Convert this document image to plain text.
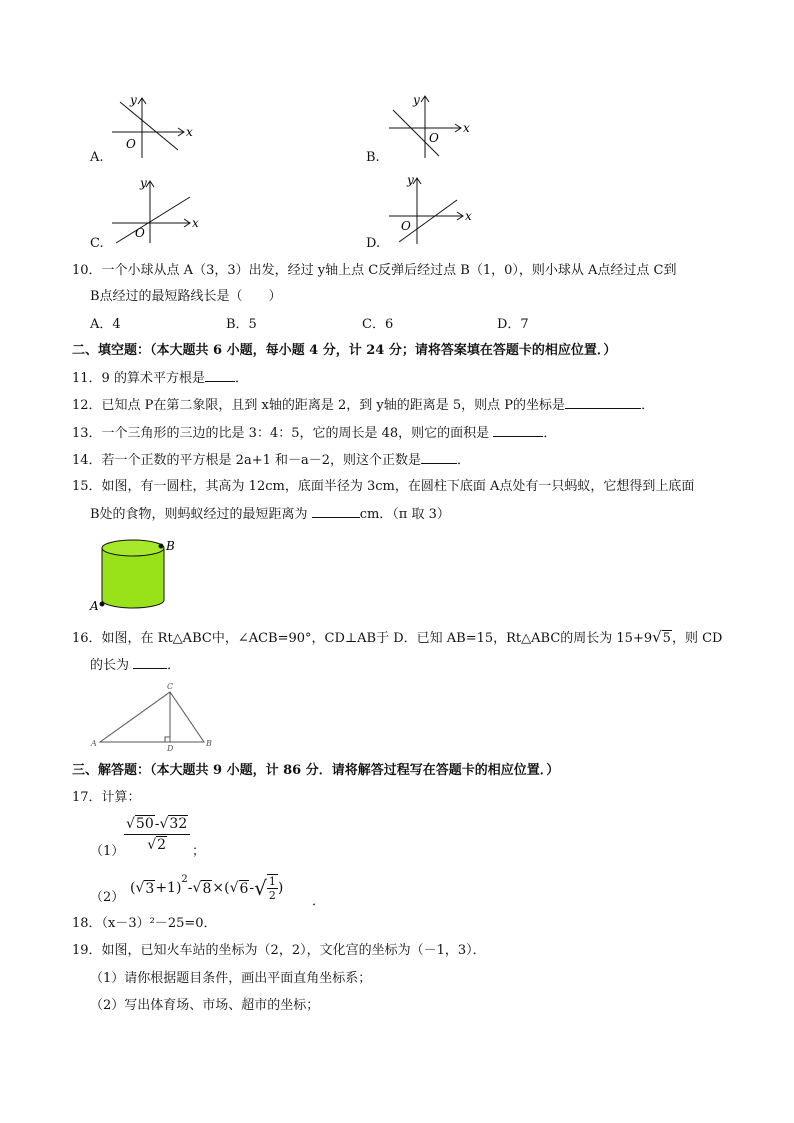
x
y
O
A.
x
y
O
B.
x
y
O
C.
x
y
O
D.
10．一个小球从点 A（3，3）出发，经过 y轴上点 C反弹后经过点 B（1，0），则小球从 A点经过点 C到
B点经过的最短路线长是（　　）
A．4	B．5	C．6	D．7
二、填空题：（本大题共 6 小题，每小题 4 分，计 24 分；请将答案填在答题卡的相应位置．）
11．9 的算术平方根是 ．
12．已知点 P在第二象限，且到 x轴的距离是 2，到 y轴的距离是 5，则点 P的坐标是	．
13．一个三角形的三边的比是 3：4：5，它的周长是 48，则它的面积是	．
14．若一个正数的平方根是 2a+1 和－a－2，则这个正数是	．
15．如图，有一圆柱，其高为 12cm，底面半径为 3cm，在圆柱下底面 A点处有一只蚂蚁，它想得到上底面
B处的食物，则蚂蚁经过的最短距离为	cm．（π 取 3）
A
B
16．如图，在 Rt△ABC中，∠ACB=90°，CD⊥AB于 D．已知 AB=15，Rt△ABC的周长为 15+9√5，则 CD
的长为	．
A	B
C
D
三、解答题：（本大题共 9 小题，计 86 分．请将解答过程写在答题卡的相应位置．）
17．计算：
$(1) \frac{√50-√32}{√2}$ ；
（2）
( √ 3 +1)
$^2$
- √ 8 ×( √ 6 - √ $\frac{1}{2}$ )
．
18．（x－3）²－25=0．
19．如图，已知火车站的坐标为（2，2），文化宫的坐标为（－1，3）．
（1）请你根据题目条件，画出平面直角坐标系；
（2）写出体育场、市场、超市的坐标；
